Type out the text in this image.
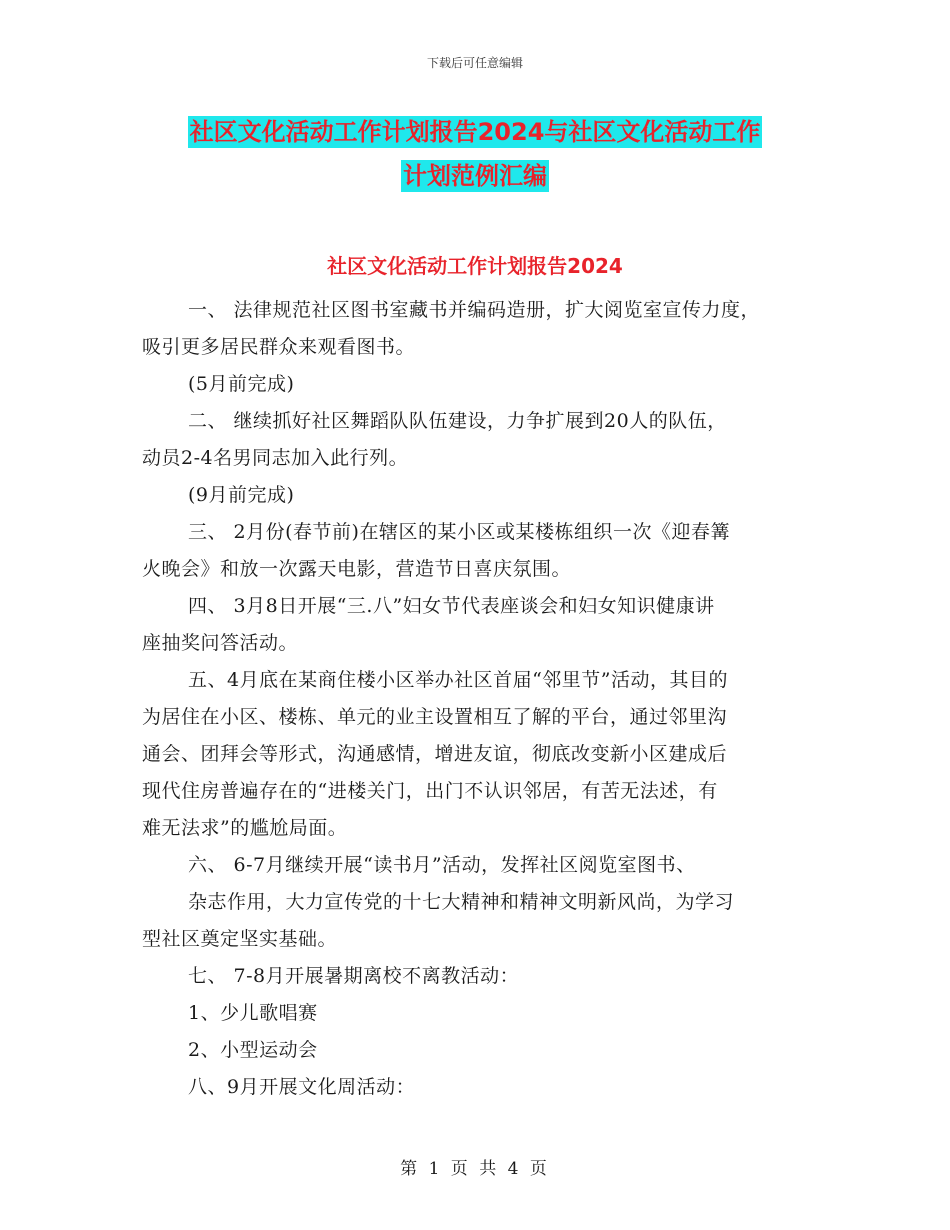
下载后可任意编辑
社区文化活动工作计划报告2024与社区文化活动工作
计划范例汇编
社区文化活动工作计划报告2024

一、 法律规范社区图书室藏书并编码造册，扩大阅览室宣传力度，

吸引更多居民群众来观看图书。

(5月前完成)

二、 继续抓好社区舞蹈队队伍建设，力争扩展到20人的队伍，

动员2-4名男同志加入此行列。

(9月前完成)

三、 2月份(春节前)在辖区的某小区或某楼栋组织一次《迎春篝

火晚会》和放一次露天电影，营造节日喜庆氛围。

四、 3月8日开展“三.八”妇女节代表座谈会和妇女知识健康讲

座抽奖问答活动。

五、4月底在某商住楼小区举办社区首届“邻里节”活动，其目的

为居住在小区、楼栋、单元的业主设置相互了解的平台，通过邻里沟

通会、团拜会等形式，沟通感情，增进友谊，彻底改变新小区建成后

现代住房普遍存在的“进楼关门，出门不认识邻居，有苦无法述，有

难无法求”的尴尬局面。

六、 6-7月继续开展“读书月”活动，发挥社区阅览室图书、

杂志作用，大力宣传党的十七大精神和精神文明新风尚，为学习

型社区奠定坚实基础。

七、 7-8月开展暑期离校不离教活动：

1、少儿歌唱赛

2、小型运动会

八、9月开展文化周活动：

第 1 页 共 4 页
